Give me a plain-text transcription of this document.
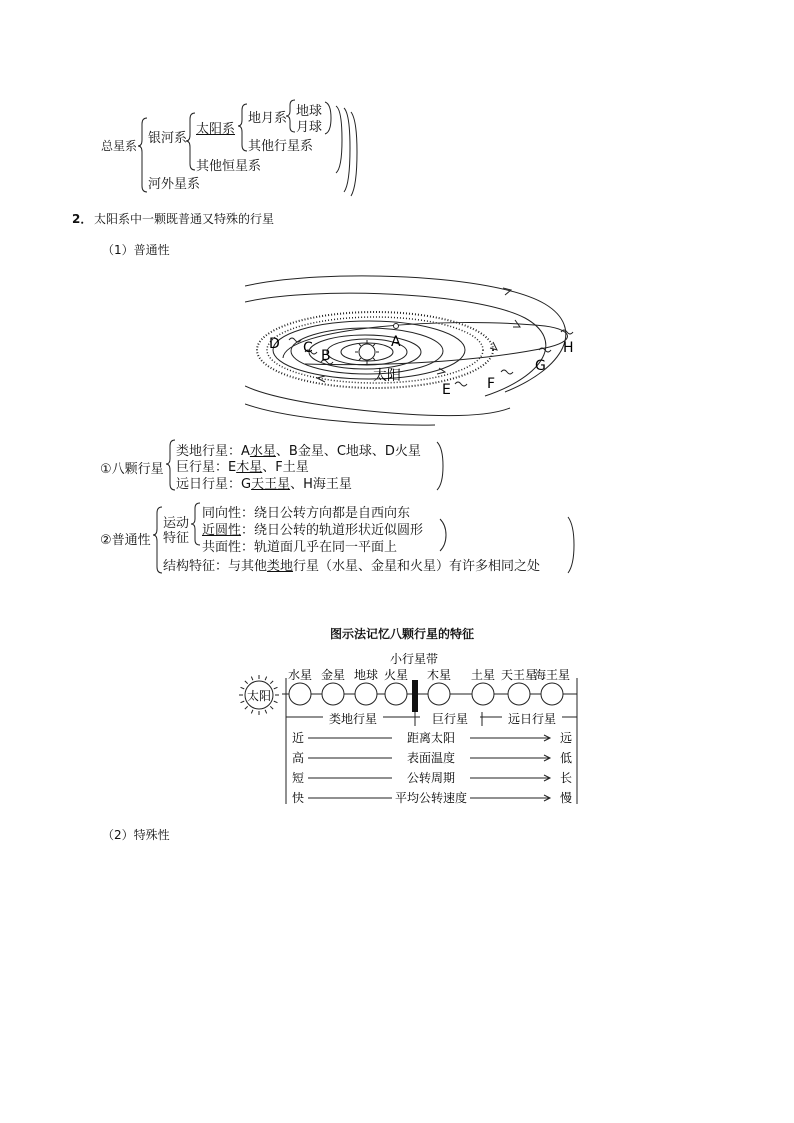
总星系 银河系
河外星系
太阳系
其他恒星系
地月系
其他行星系
地球
月球
2． 太阳系中一颗既普通又特殊的行星
（1）普通性
A
B
C
D
E	F
G
H
太阳
①八颗行星
类地行星：A水星、B金星、C地球、D火星
巨行星：E木星、F土星
远日行星：G天王星、H海王星
②普通性
运动
特征
同向性：绕日公转方向都是自西向东
近圆性：绕日公转的轨道形状近似圆形
共面性：轨道面几乎在同一平面上
结构特征：与其他类地行星（水星、金星和火星）有许多相同之处
图示法记忆八颗行星的特征
太阳
小行星带
水星 金星 地球 火星 木星 土星 天王星
海王星
类地行星	巨行星	远日行星
近	距离太阳	远
高	表面温度	低
短	公转周期	长
快	平均公转速度	慢
（2）特殊性
